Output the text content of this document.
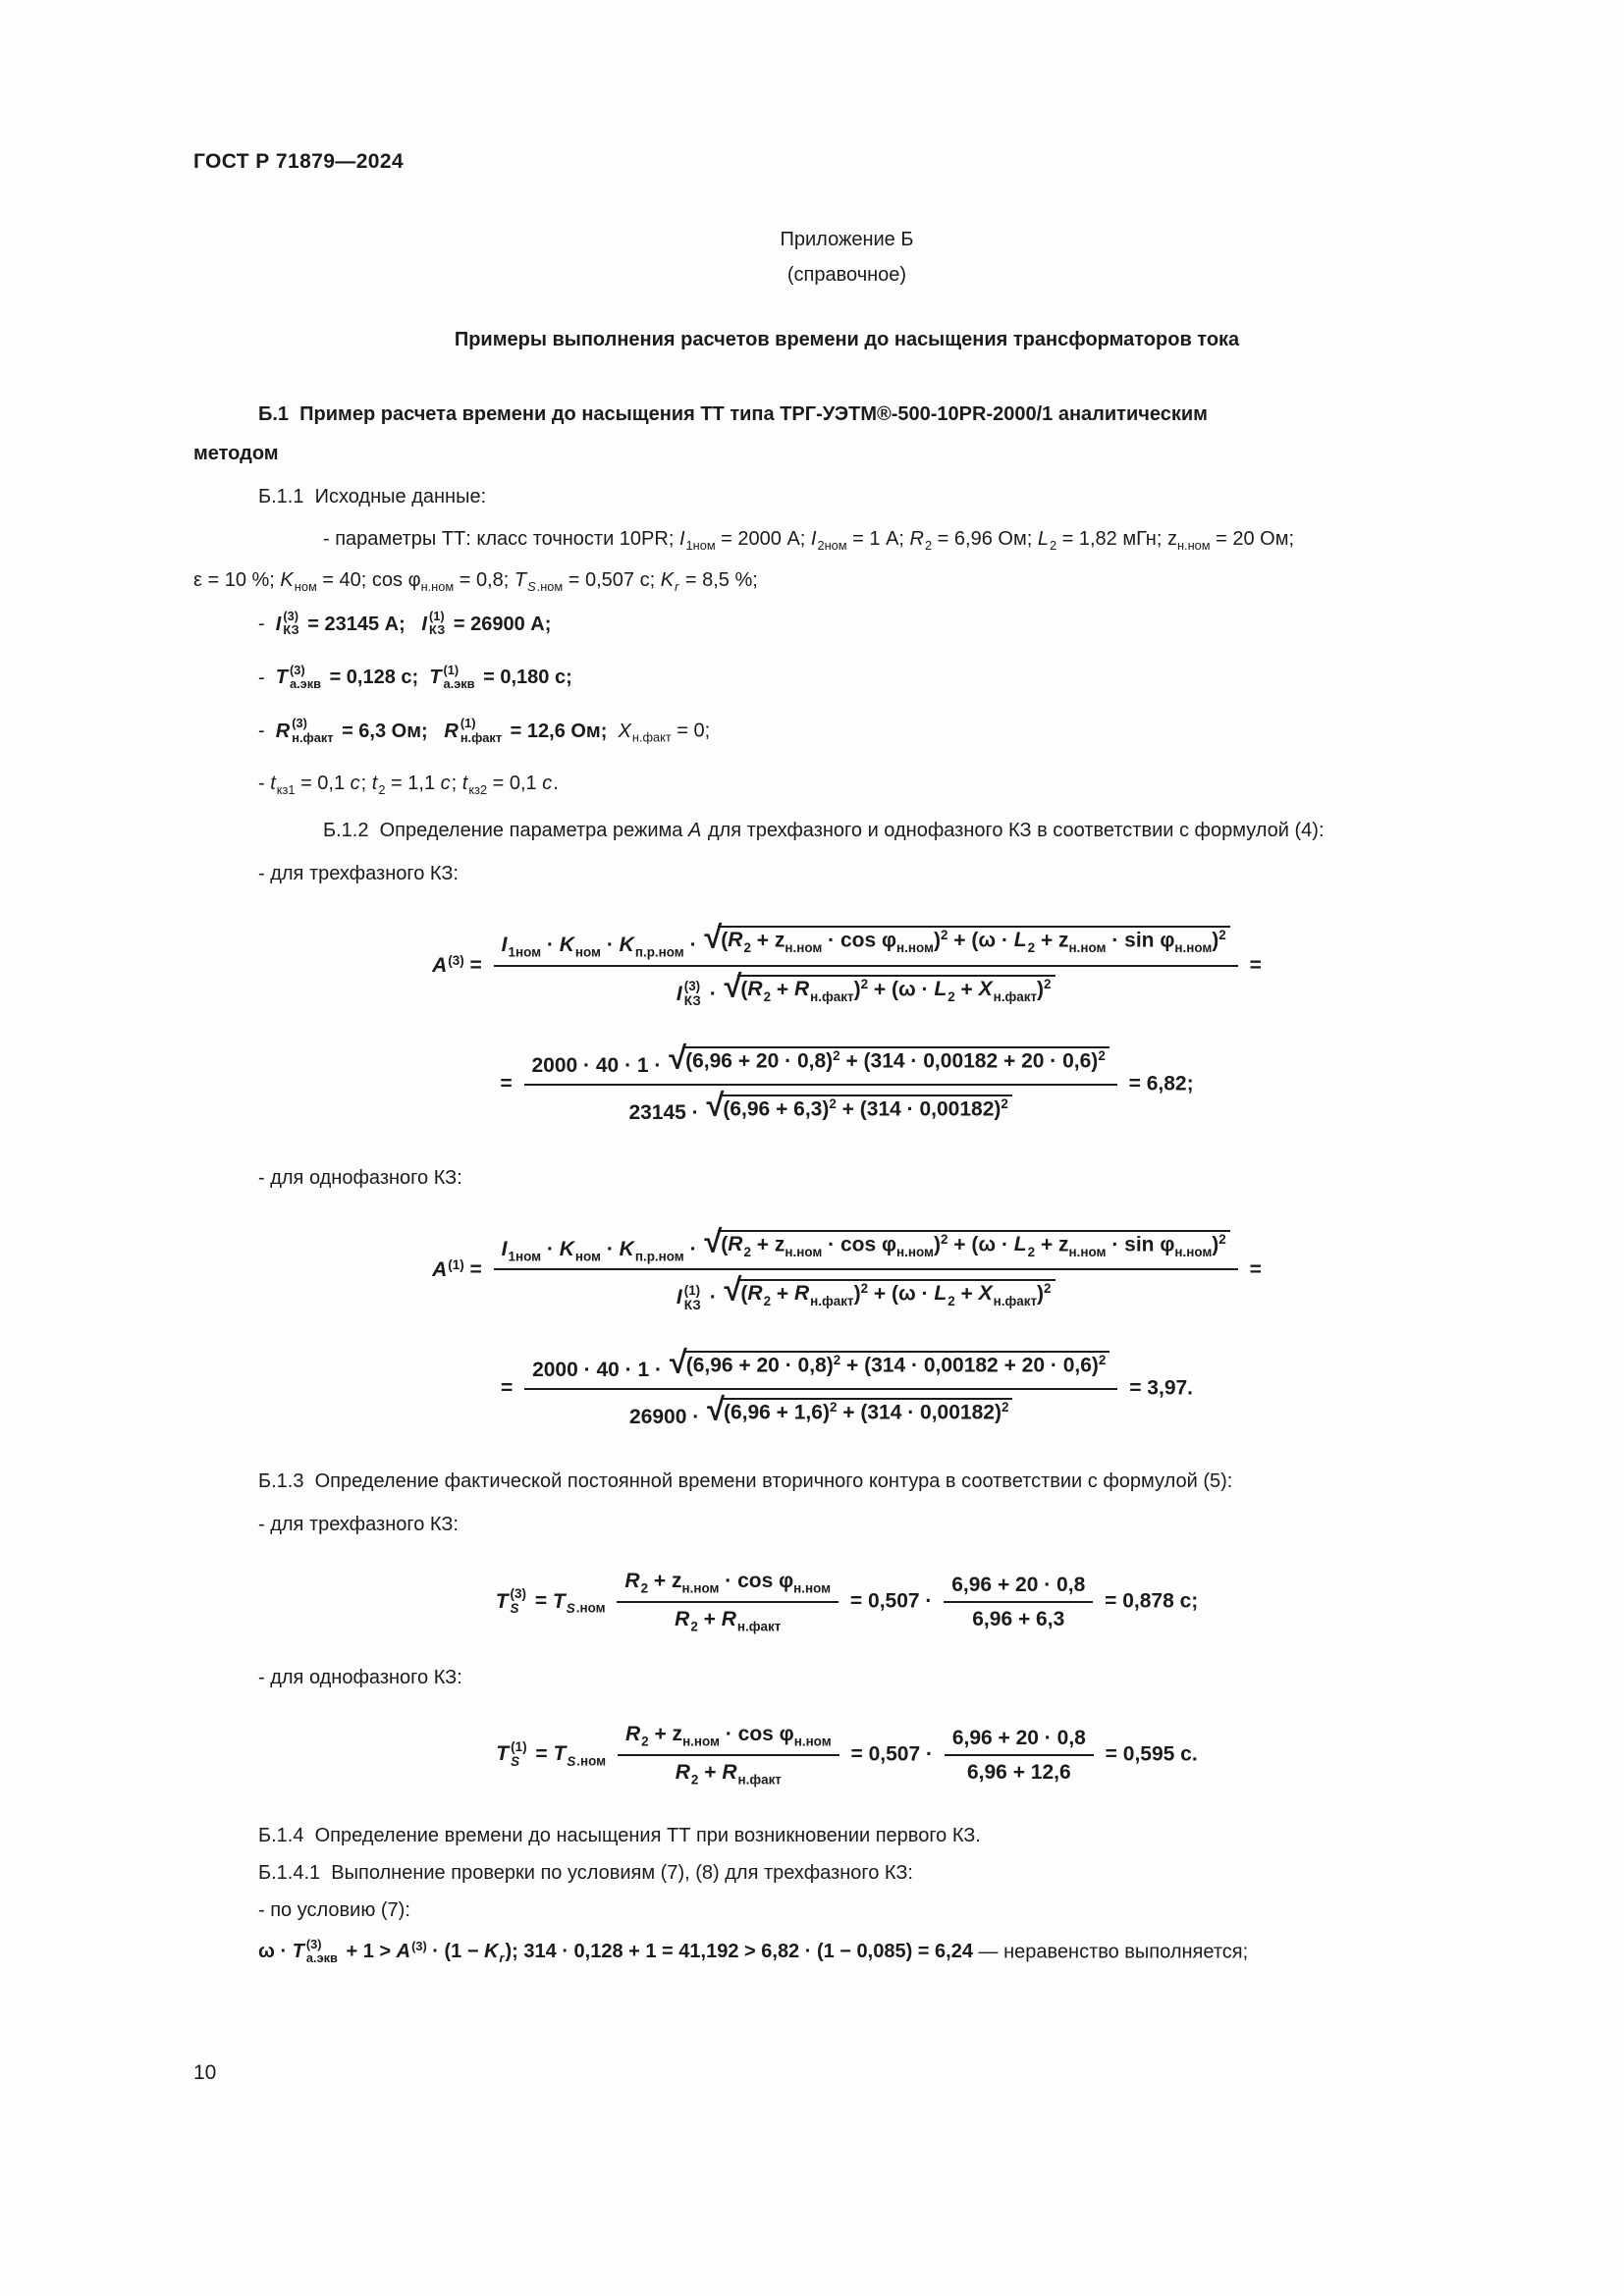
ГОСТ Р 71879—2024
Приложение Б
(справочное)
Примеры выполнения расчетов времени до насыщения трансформаторов тока
Б.1  Пример расчета времени до насыщения ТТ типа ТРГ-УЭТМ®-500-10PR-2000/1 аналитическим
методом
Б.1.1  Исходные данные:
- параметры ТТ: класс точности 10PR; $I_{1ном} = 2000$ А; $I_{2ном} = 1$ А; $R_2 = 6,96$ Ом; $L_2 = 1,82$ мГн; $z_{н.ном} = 20$ Ом;
ε = 10 %; $K_{ном} = 40$; $\cos \varphi_{н.ном} = 0,8$; $T_{S.ном} = 0,507$ с; $K_r = 8,5$ %;
-  I (3)
КЗ = 23145 А;   I (1)
КЗ = 26900 А;
-  T (3)
а.экв = 0,128 с;  T (1)
а.экв = 0,180 с;
-  R (3)
н.факт = 6,3 Ом;   R (1)
н.факт = 12,6 Ом;  $X_{н.факт} = 0$;
- $t_{кз1} = 0,1$ с; $t_2 = 1,1$ с; $t_{кз2} = 0,1$ с.
Б.1.2  Определение параметра режима А для трехфазного и однофазного КЗ в соответствии с формулой (4):
- для трехфазного КЗ:
$A^{(3)}$ =
$I_{1ном} \cdot K_{ном} \cdot K_{п.р.ном}$ · √ $(R_2 + z_{н.ном} \cdot \cos \varphi_{н.ном})^2 + (\omega \cdot L_2 + z_{н.ном} \cdot \sin \varphi_{н.ном})^2$
I (3)
КЗ · √ $(R_2 + R_{н.факт})^2 + (\omega \cdot L_2 + X_{н.факт})^2$
=
=
2000 · 40 · 1 · √ $(6,96 + 20 \cdot 0,8)^2 + (314 \cdot 0,00182 + 20 \cdot 0,6)^2$
23145 · √ $(6,96 + 6,3)^2 + (314 \cdot 0,00182)^2$
= 6,82;
- для однофазного КЗ:
$A^{(1)}$ =
$I_{1ном} \cdot K_{ном} \cdot K_{п.р.ном}$ · √ $(R_2 + z_{н.ном} \cdot \cos \varphi_{н.ном})^2 + (\omega \cdot L_2 + z_{н.ном} \cdot \sin \varphi_{н.ном})^2$
I (1)
КЗ · √ $(R_2 + R_{н.факт})^2 + (\omega \cdot L_2 + X_{н.факт})^2$
=
=
2000 · 40 · 1 · √ $(6,96 + 20 \cdot 0,8)^2 + (314 \cdot 0,00182 + 20 \cdot 0,6)^2$
26900 · √ $(6,96 + 1,6)^2 + (314 \cdot 0,00182)^2$
= 3,97.
Б.1.3  Определение фактической постоянной времени вторичного контура в соответствии с формулой (5):
- для трехфазного КЗ:
T (3)
$S = T_{S.ном}$
$R_2 + z_{н.ном} \cdot \cos \varphi_{н.ном}$
$R_2 + R_{н.факт}$
= $0,507 \cdot \frac{6,96 + 20 \cdot 0,8}{6,96 + 6,3} = 0,878$ с;
- для однофазного КЗ:
T (1)
$S = T_{S.ном}$
$R_2 + z_{н.ном} \cdot \cos \varphi_{н.ном}$
$R_2 + R_{н.факт}$
= $0,507 \cdot \frac{6,96 + 20 \cdot 0,8}{6,96 + 12,6} = 0,595$ с.
Б.1.4  Определение времени до насыщения ТТ при возникновении первого КЗ.
Б.1.4.1  Выполнение проверки по условиям (7), (8) для трехфазного КЗ:
- по условию (7):
ω · T (3)
$а.экв + 1 > A^{(3)} \cdot (1 - K_r)$; 314 · 0,128 + 1 = 41,192 > 6,82 · (1 − 0,085) = 6,24 — неравенство выполняется;
10
